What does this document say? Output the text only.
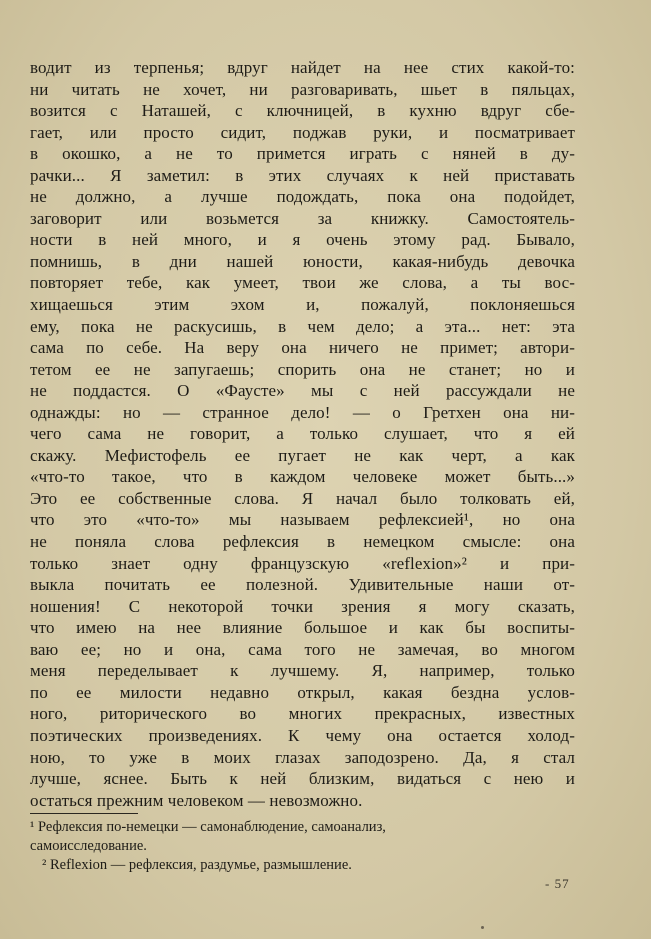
водит из терпенья; вдруг найдет на нее стих какой-то:
ни читать не хочет, ни разговаривать, шьет в пяльцах,
возится с Наташей, с ключницей, в кухню вдруг сбе-
гает, или просто сидит, поджав руки, и посматривает
в окошко, а не то примется играть с няней в ду-
рачки... Я заметил: в этих случаях к ней приставать
не должно, а лучше подождать, пока она подойдет,
заговорит или возьмется за книжку. Самостоятель-
ности в ней много, и я очень этому рад. Бывало,
помнишь, в дни нашей юности, какая-нибудь девочка
повторяет тебе, как умеет, твои же слова, а ты вос-
хищаешься этим эхом и, пожалуй, поклоняешься
ему, пока не раскусишь, в чем дело; а эта... нет: эта
сама по себе. На веру она ничего не примет; автори-
тетом ее не запугаешь; спорить она не станет; но и
не поддастся. О «Фаусте» мы с ней рассуждали не
однажды: но — странное дело! — о Гретхен она ни-
чего сама не говорит, а только слушает, что я ей
скажу. Мефистофель ее пугает не как черт, а как
«что-то такое, что в каждом человеке может быть...»
Это ее собственные слова. Я начал было толковать ей,
что это «что-то» мы называем рефлексией¹, но она
не поняла слова рефлексия в немецком смысле: она
только знает одну французскую «reflexion»² и при-
выкла почитать ее полезной. Удивительные наши от-
ношения! С некоторой точки зрения я могу сказать,
что имею на нее влияние большое и как бы воспиты-
ваю ее; но и она, сама того не замечая, во многом
меня переделывает к лучшему. Я, например, только
по ее милости недавно открыл, какая бездна услов-
ного, риторического во многих прекрасных, известных
поэтических произведениях. К чему она остается холод-
ною, то уже в моих глазах заподозрено. Да, я стал
лучше, яснее. Быть к ней близким, видаться с нею и
остаться прежним человеком — невозможно.
¹ Рефлексия по-немецки — самонаблюдение, самоанализ,
самоисследование.
² Reflexion — рефлексия, раздумье, размышление.
- 57
